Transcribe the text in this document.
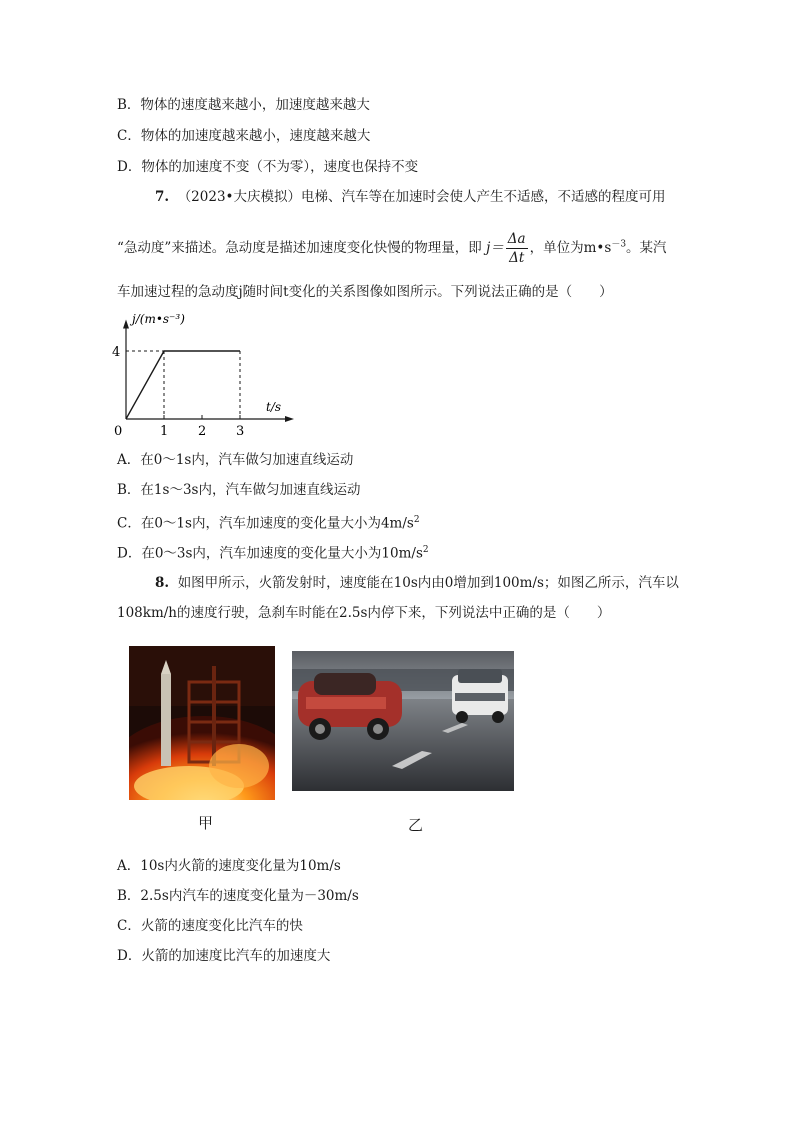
B．物体的速度越来越小，加速度越来越大
C．物体的加速度越来越小，速度越来越大
D．物体的加速度不变（不为零），速度也保持不变
7. （2023•大庆模拟）电梯、汽车等在加速时会使人产生不适感，不适感的程度可用
“急动度”来描述。急动度是描述加速度变化快慢的物理量，即 $j= \frac{\Delta a}{\Delta t}$ ，单位为$m•s^{-3}$。某汽
车加速过程的急动度j随时间t变化的关系图像如图所示。下列说法正确的是（　　）
1 2 3
4
j/(m•s⁻³)
t/s
0
A．在0～1s内，汽车做匀加速直线运动
B．在1s～3s内，汽车做匀加速直线运动
C．在0～1s内，汽车加速度的变化量大小为$4m/s^2$
D．在0～3s内，汽车加速度的变化量大小为$10m/s^2$
8. 如图甲所示，火箭发射时，速度能在10s内由0增加到100m/s；如图乙所示，汽车以
108km/h的速度行驶，急刹车时能在2.5s内停下来，下列说法中正确的是（　　）
甲	乙
A．10s内火箭的速度变化量为10m/s
B．2.5s内汽车的速度变化量为－30m/s
C．火箭的速度变化比汽车的快
D．火箭的加速度比汽车的加速度大
